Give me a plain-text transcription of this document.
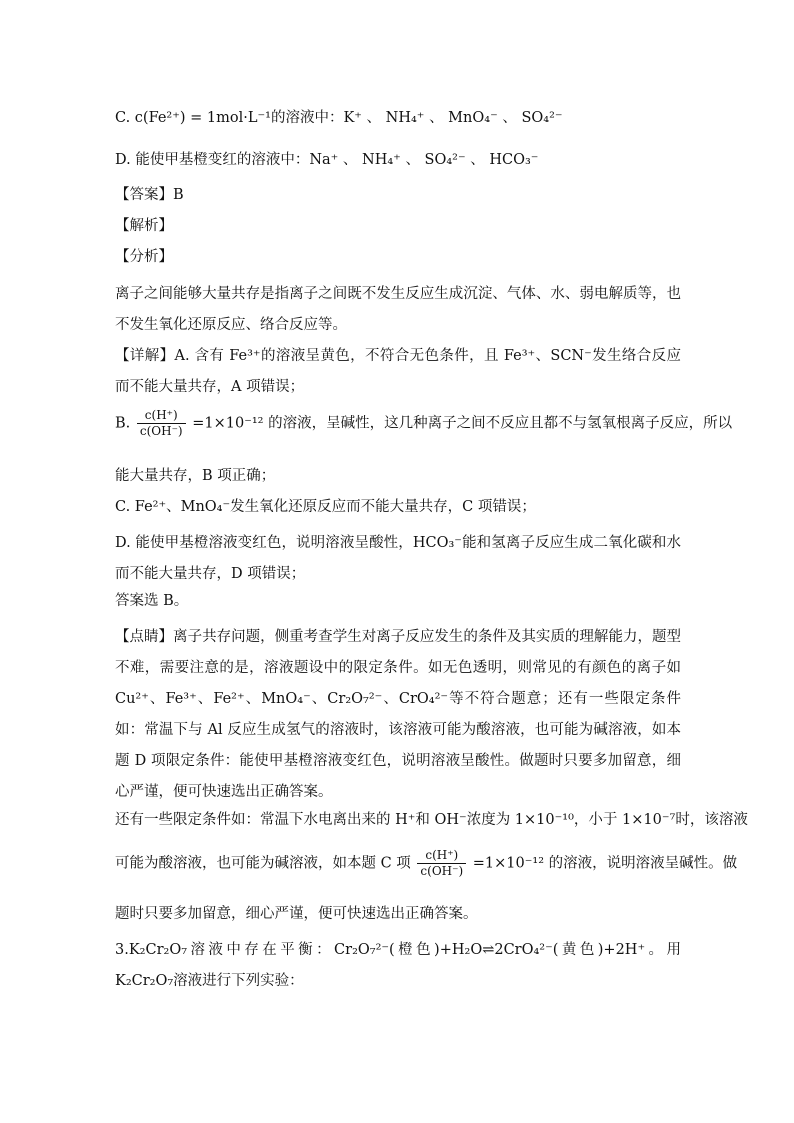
C. c(Fe²⁺) = 1mol·L⁻¹的溶液中：K⁺ 、 NH₄⁺ 、 MnO₄⁻ 、 SO₄²⁻
D. 能使甲基橙变红的溶液中：Na⁺ 、 NH₄⁺ 、 SO₄²⁻ 、 HCO₃⁻
【答案】B
【解析】
【分析】
离子之间能够大量共存是指离子之间既不发生反应生成沉淀、气体、水、弱电解质等，也不发生氧化还原反应、络合反应等。
【详解】A. 含有 Fe³⁺的溶液呈黄色，不符合无色条件，且 Fe³⁺、SCN⁻发生络合反应而不能大量共存，A 项错误；
B. $\frac{c(H^+)}{c(OH^-)} =1\times 10^{-12}$ 的溶液，呈碱性，这几种离子之间不反应且都不与氢氧根离子反应，所以
能大量共存，B 项正确；
C. Fe²⁺、MnO₄⁻发生氧化还原反应而不能大量共存，C 项错误；
D. 能使甲基橙溶液变红色，说明溶液呈酸性，HCO₃⁻能和氢离子反应生成二氧化碳和水而不能大量共存，D 项错误；
答案选 B。
【点睛】离子共存问题，侧重考查学生对离子反应发生的条件及其实质的理解能力，题型不难，需要注意的是，溶液题设中的限定条件。如无色透明，则常见的有颜色的离子如 Cu²⁺、Fe³⁺、Fe²⁺、MnO₄⁻、Cr₂O₇²⁻、CrO₄²⁻等不符合题意；还有一些限定条件如：常温下与 Al 反应生成氢气的溶液时，该溶液可能为酸溶液，也可能为碱溶液，如本题 D 项限定条件：能使甲基橙溶液变红色，说明溶液呈酸性。做题时只要多加留意，细心严谨，便可快速选出正确答案。
还有一些限定条件如：常温下水电离出来的 H⁺和 OH⁻浓度为 1×10⁻¹⁰，小于 1×10⁻⁷时，该溶液
可能为酸溶液，也可能为碱溶液，如本题 C 项 $\frac{c(H^+)}{c(OH^-)} =1\times 10^{-12}$ 的溶液，说明溶液呈碱性。做
题时只要多加留意，细心严谨，便可快速选出正确答案。
3.K₂Cr₂O₇溶液中存在平衡：Cr₂O₇²⁻(橙色)+H₂O⇌2CrO₄²⁻(黄色)+2H⁺。用 K₂Cr₂O₇溶液进行下列实验：
